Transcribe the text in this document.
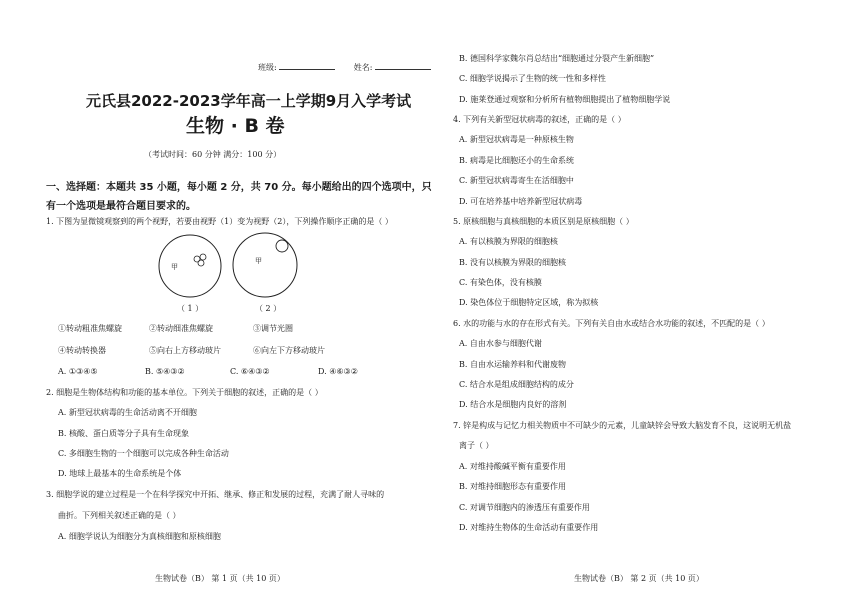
班级:	姓名:
元氏县2022-2023学年高一上学期9月入学考试
生物 · B 卷
（考试时间：60 分钟 满分：100 分）
一、选择题：本题共 35 小题，每小题 2 分，共 70 分。每小题给出的四个选项中，只
有一个选项是最符合题目要求的。
1. 下图为显微镜观察到的两个视野，若要由视野（1）变为视野（2），下列操作顺序正确的是（ ）
甲
甲
（ 1 ）	（ 2 ）
①转动粗准焦螺旋	②转动细准焦螺旋	③调节光圈
④转动转换器	⑤向右上方移动玻片	⑥向左下方移动玻片
A. ①③④⑤	B. ⑤④③②	C. ⑥④③②	D. ④⑥③②
2. 细胞是生物体结构和功能的基本单位。下列关于细胞的叙述，正确的是（ ）
A. 新型冠状病毒的生命活动离不开细胞
B. 核酸、蛋白质等分子具有生命现象
C. 多细胞生物的一个细胞可以完成各种生命活动
D. 地球上最基本的生命系统是个体
3. 细胞学说的建立过程是一个在科学探究中开拓、继承、修正和发展的过程，充满了耐人寻味的
曲折。下列相关叙述正确的是（ ）
A. 细胞学说认为细胞分为真核细胞和原核细胞
生物试卷（B） 第 1 页（共 10 页）
B. 德国科学家魏尔肖总结出“细胞通过分裂产生新细胞”
C. 细胞学说揭示了生物的统一性和多样性
D. 施莱登通过观察和分析所有植物细胞提出了植物细胞学说
4. 下列有关新型冠状病毒的叙述，正确的是（ ）
A. 新型冠状病毒是一种原核生物
B. 病毒是比细胞还小的生命系统
C. 新型冠状病毒寄生在活细胞中
D. 可在培养基中培养新型冠状病毒
5. 原核细胞与真核细胞的本质区别是原核细胞（ ）
A. 有以核膜为界限的细胞核
B. 没有以核膜为界限的细胞核
C. 有染色体，没有核膜
D. 染色体位于细胞特定区域，称为拟核
6. 水的功能与水的存在形式有关。下列有关自由水或结合水功能的叙述，不匹配的是（ ）
A. 自由水参与细胞代谢
B. 自由水运输养料和代谢废物
C. 结合水是组成细胞结构的成分
D. 结合水是细胞内良好的溶剂
7. 锌是构成与记忆力相关物质中不可缺少的元素，儿童缺锌会导致大脑发育不良，这说明无机盐
离子（ ）
A. 对维持酸碱平衡有重要作用
B. 对维持细胞形态有重要作用
C. 对调节细胞内的渗透压有重要作用
D. 对维持生物体的生命活动有重要作用
生物试卷（B） 第 2 页（共 10 页）
